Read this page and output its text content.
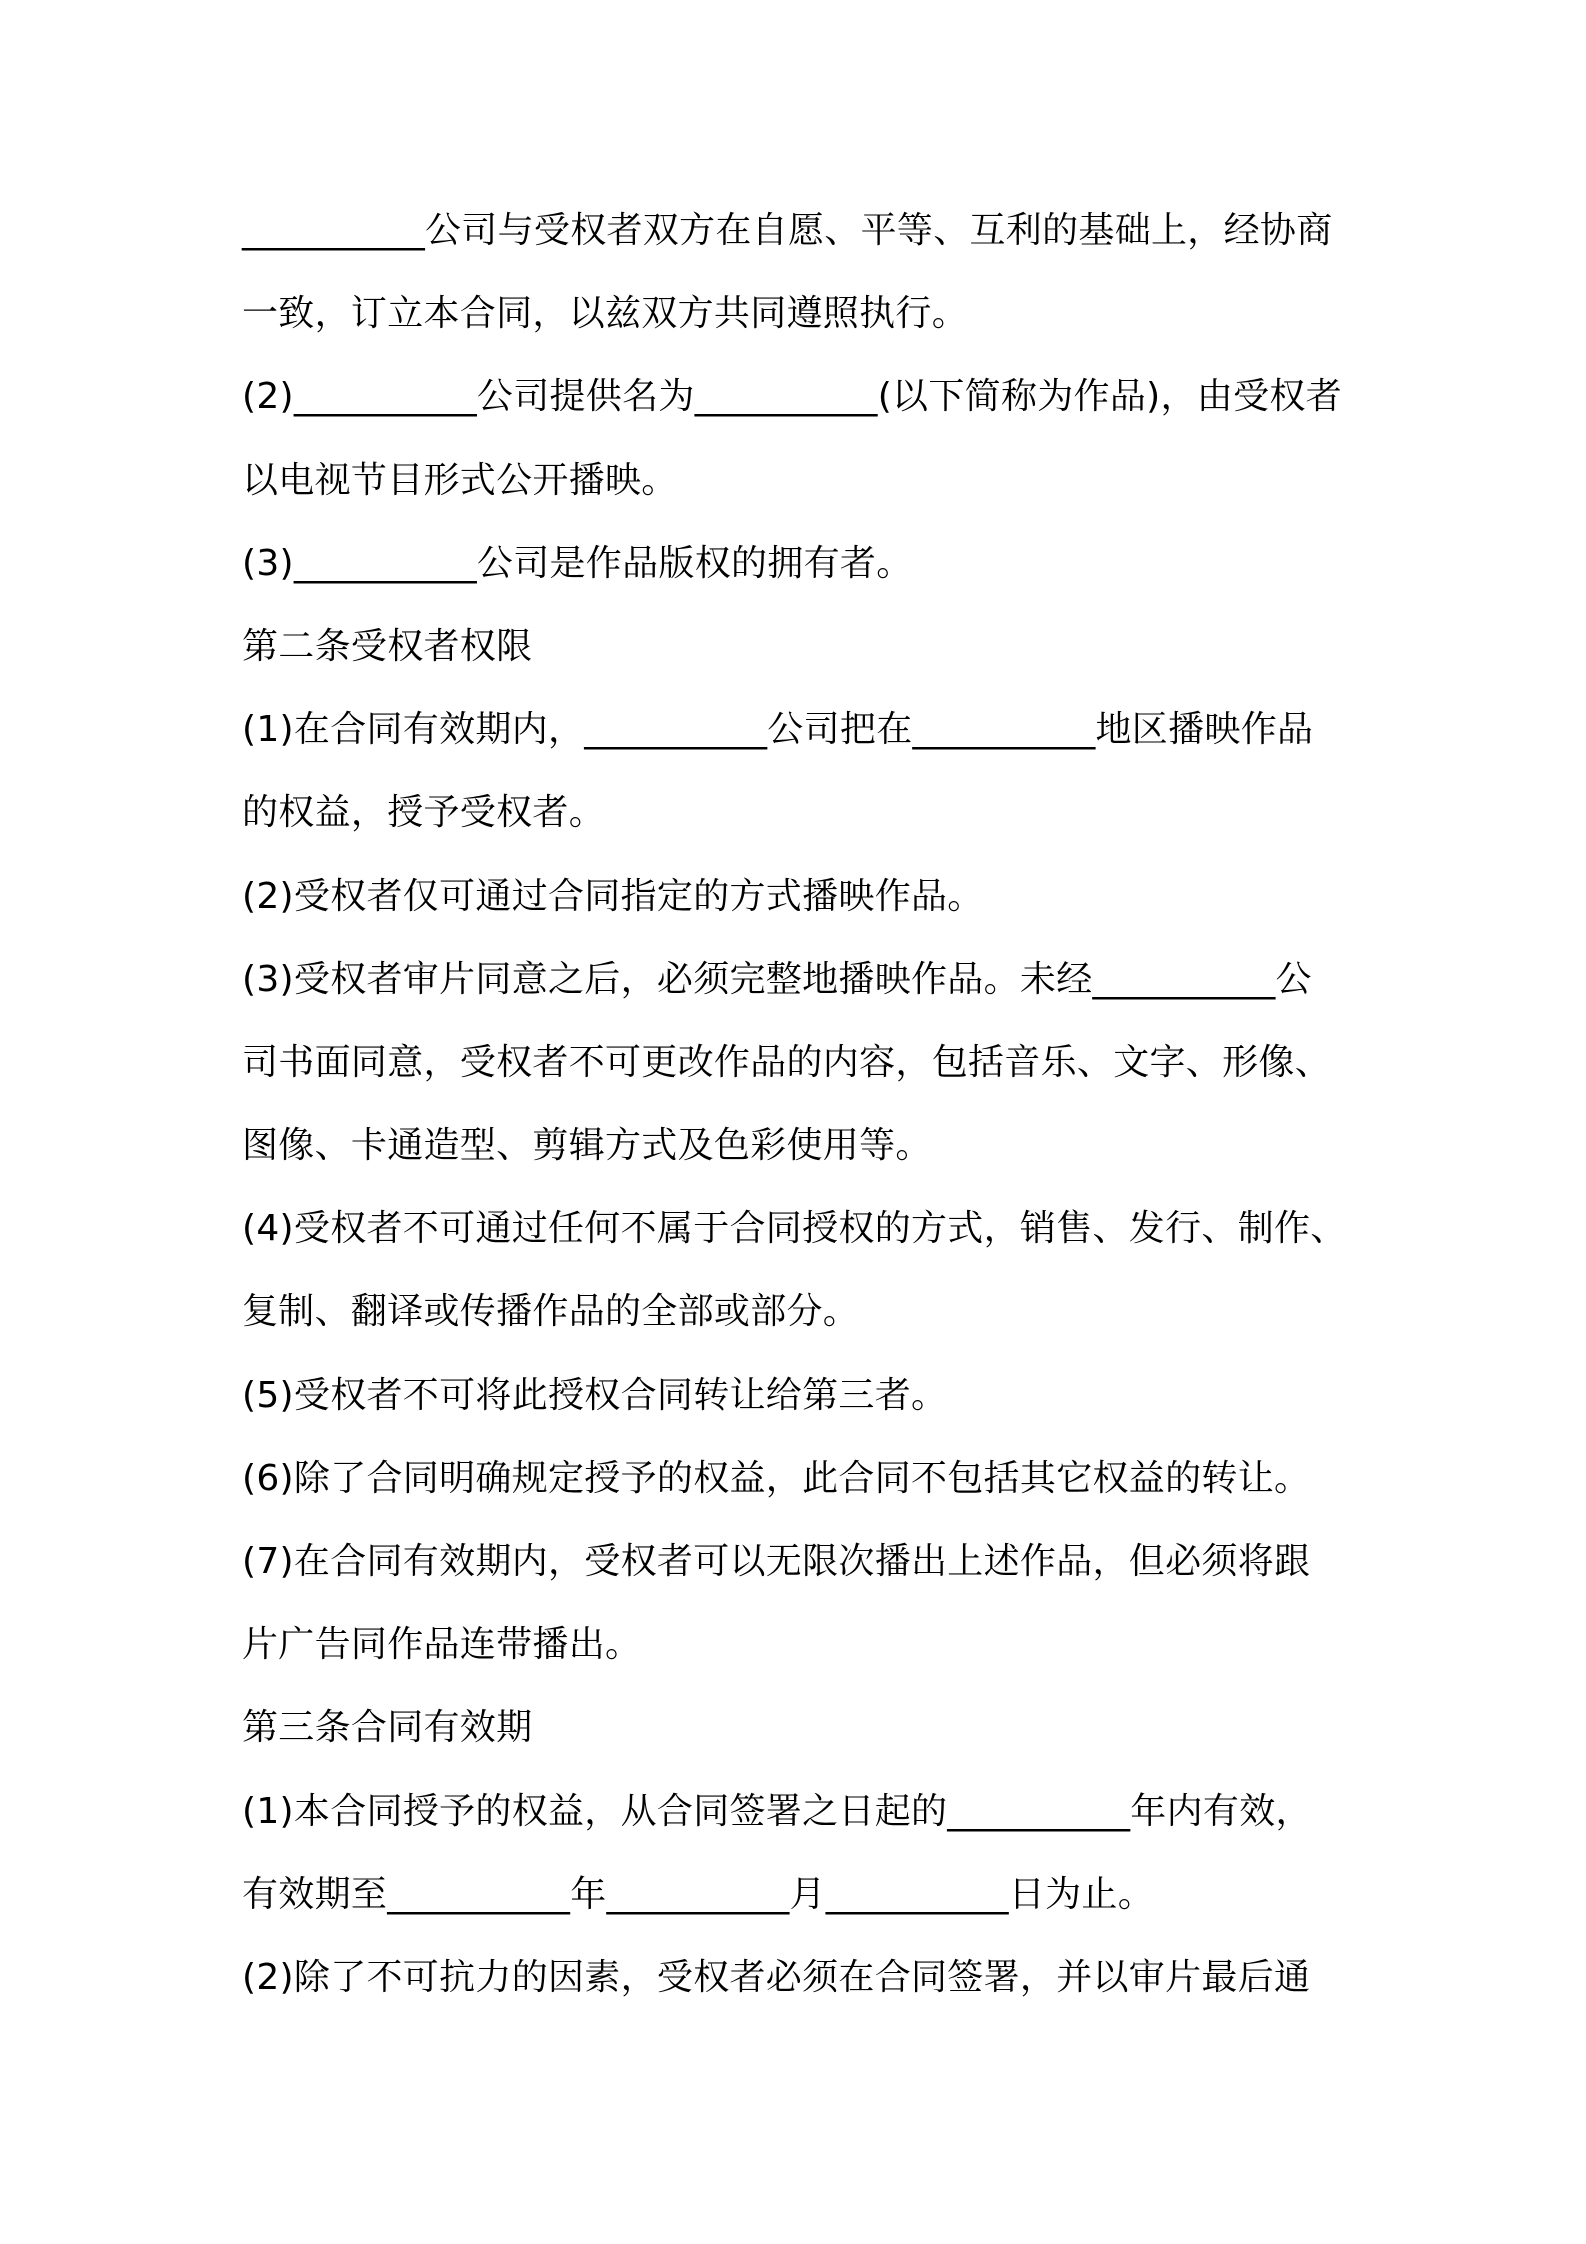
__________公司与受权者双方在自愿、平等、互利的基础上，经协商
一致，订立本合同，以兹双方共同遵照执行。
(2)__________公司提供名为__________(以下简称为作品)，由受权者
以电视节目形式公开播映。
(3)__________公司是作品版权的拥有者。
第二条受权者权限
(1)在合同有效期内，__________公司把在__________地区播映作品
的权益，授予受权者。
(2)受权者仅可通过合同指定的方式播映作品。
(3)受权者审片同意之后，必须完整地播映作品。未经__________公
司书面同意，受权者不可更改作品的内容，包括音乐、文字、形像、
图像、卡通造型、剪辑方式及色彩使用等。
(4)受权者不可通过任何不属于合同授权的方式，销售、发行、制作、
复制、翻译或传播作品的全部或部分。
(5)受权者不可将此授权合同转让给第三者。
(6)除了合同明确规定授予的权益，此合同不包括其它权益的转让。
(7)在合同有效期内，受权者可以无限次播出上述作品，但必须将跟
片广告同作品连带播出。
第三条合同有效期
(1)本合同授予的权益，从合同签署之日起的__________年内有效，
有效期至__________年__________月__________日为止。
(2)除了不可抗力的因素，受权者必须在合同签署，并以审片最后通
